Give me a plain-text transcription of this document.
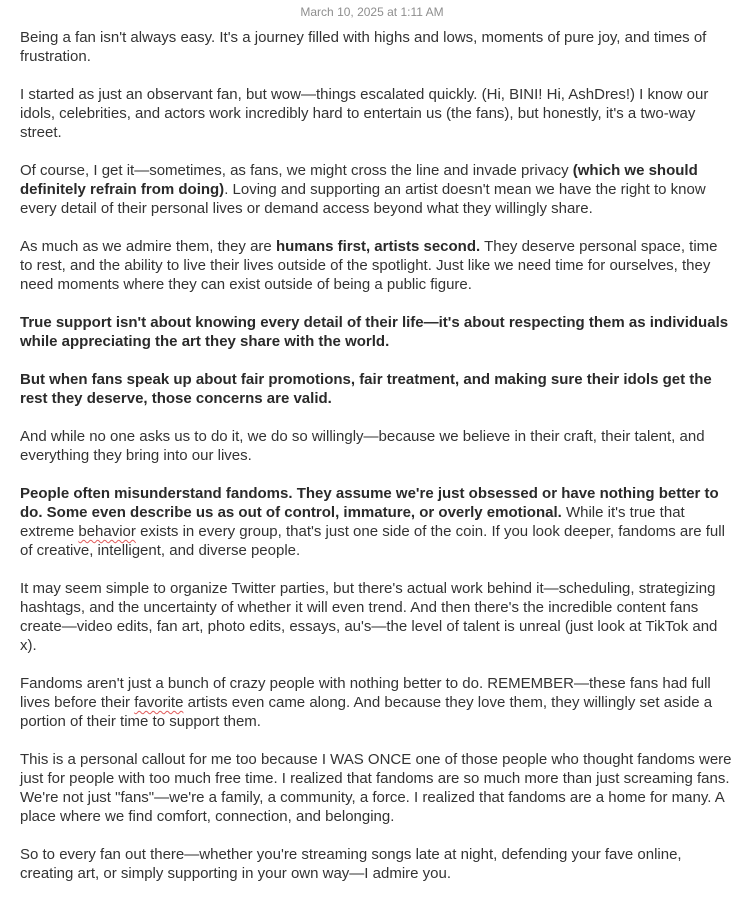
March 10, 2025 at 1:11 AM

Being a fan isn't always easy. It's a journey filled with highs and lows, moments of pure joy, and times of frustration.

I started as just an observant fan, but wow—things escalated quickly. (Hi, BINI! Hi, AshDres!) I know our idols, celebrities, and actors work incredibly hard to entertain us (the fans), but honestly, it's a two-way street.

Of course, I get it—sometimes, as fans, we might cross the line and invade privacy (which we should definitely refrain from doing). Loving and supporting an artist doesn't mean we have the right to know every detail of their personal lives or demand access beyond what they willingly share.

As much as we admire them, they are humans first, artists second. They deserve personal space, time to rest, and the ability to live their lives outside of the spotlight. Just like we need time for ourselves, they need moments where they can exist outside of being a public figure.

True support isn't about knowing every detail of their life—it's about respecting them as individuals while appreciating the art they share with the world.

But when fans speak up about fair promotions, fair treatment, and making sure their idols get the rest they deserve, those concerns are valid.

And while no one asks us to do it, we do so willingly—because we believe in their craft, their talent, and everything they bring into our lives.

People often misunderstand fandoms. They assume we're just obsessed or have nothing better to do. Some even describe us as out of control, immature, or overly emotional. While it's true that extreme behavior exists in every group, that's just one side of the coin. If you look deeper, fandoms are full of creative, intelligent, and diverse people.

It may seem simple to organize Twitter parties, but there's actual work behind it—scheduling, strategizing hashtags, and the uncertainty of whether it will even trend. And then there's the incredible content fans create—video edits, fan art, photo edits, essays, au's—the level of talent is unreal (just look at TikTok and x).

Fandoms aren't just a bunch of crazy people with nothing better to do. REMEMBER—these fans had full lives before their favorite artists even came along. And because they love them, they willingly set aside a portion of their time to support them.

This is a personal callout for me too because I WAS ONCE one of those people who thought fandoms were just for people with too much free time. I realized that fandoms are so much more than just screaming fans. We're not just "fans"—we're a family, a community, a force. I realized that fandoms are a home for many. A place where we find comfort, connection, and belonging.

So to every fan out there—whether you're streaming songs late at night, defending your fave online, creating art, or simply supporting in your own way—I admire you.
